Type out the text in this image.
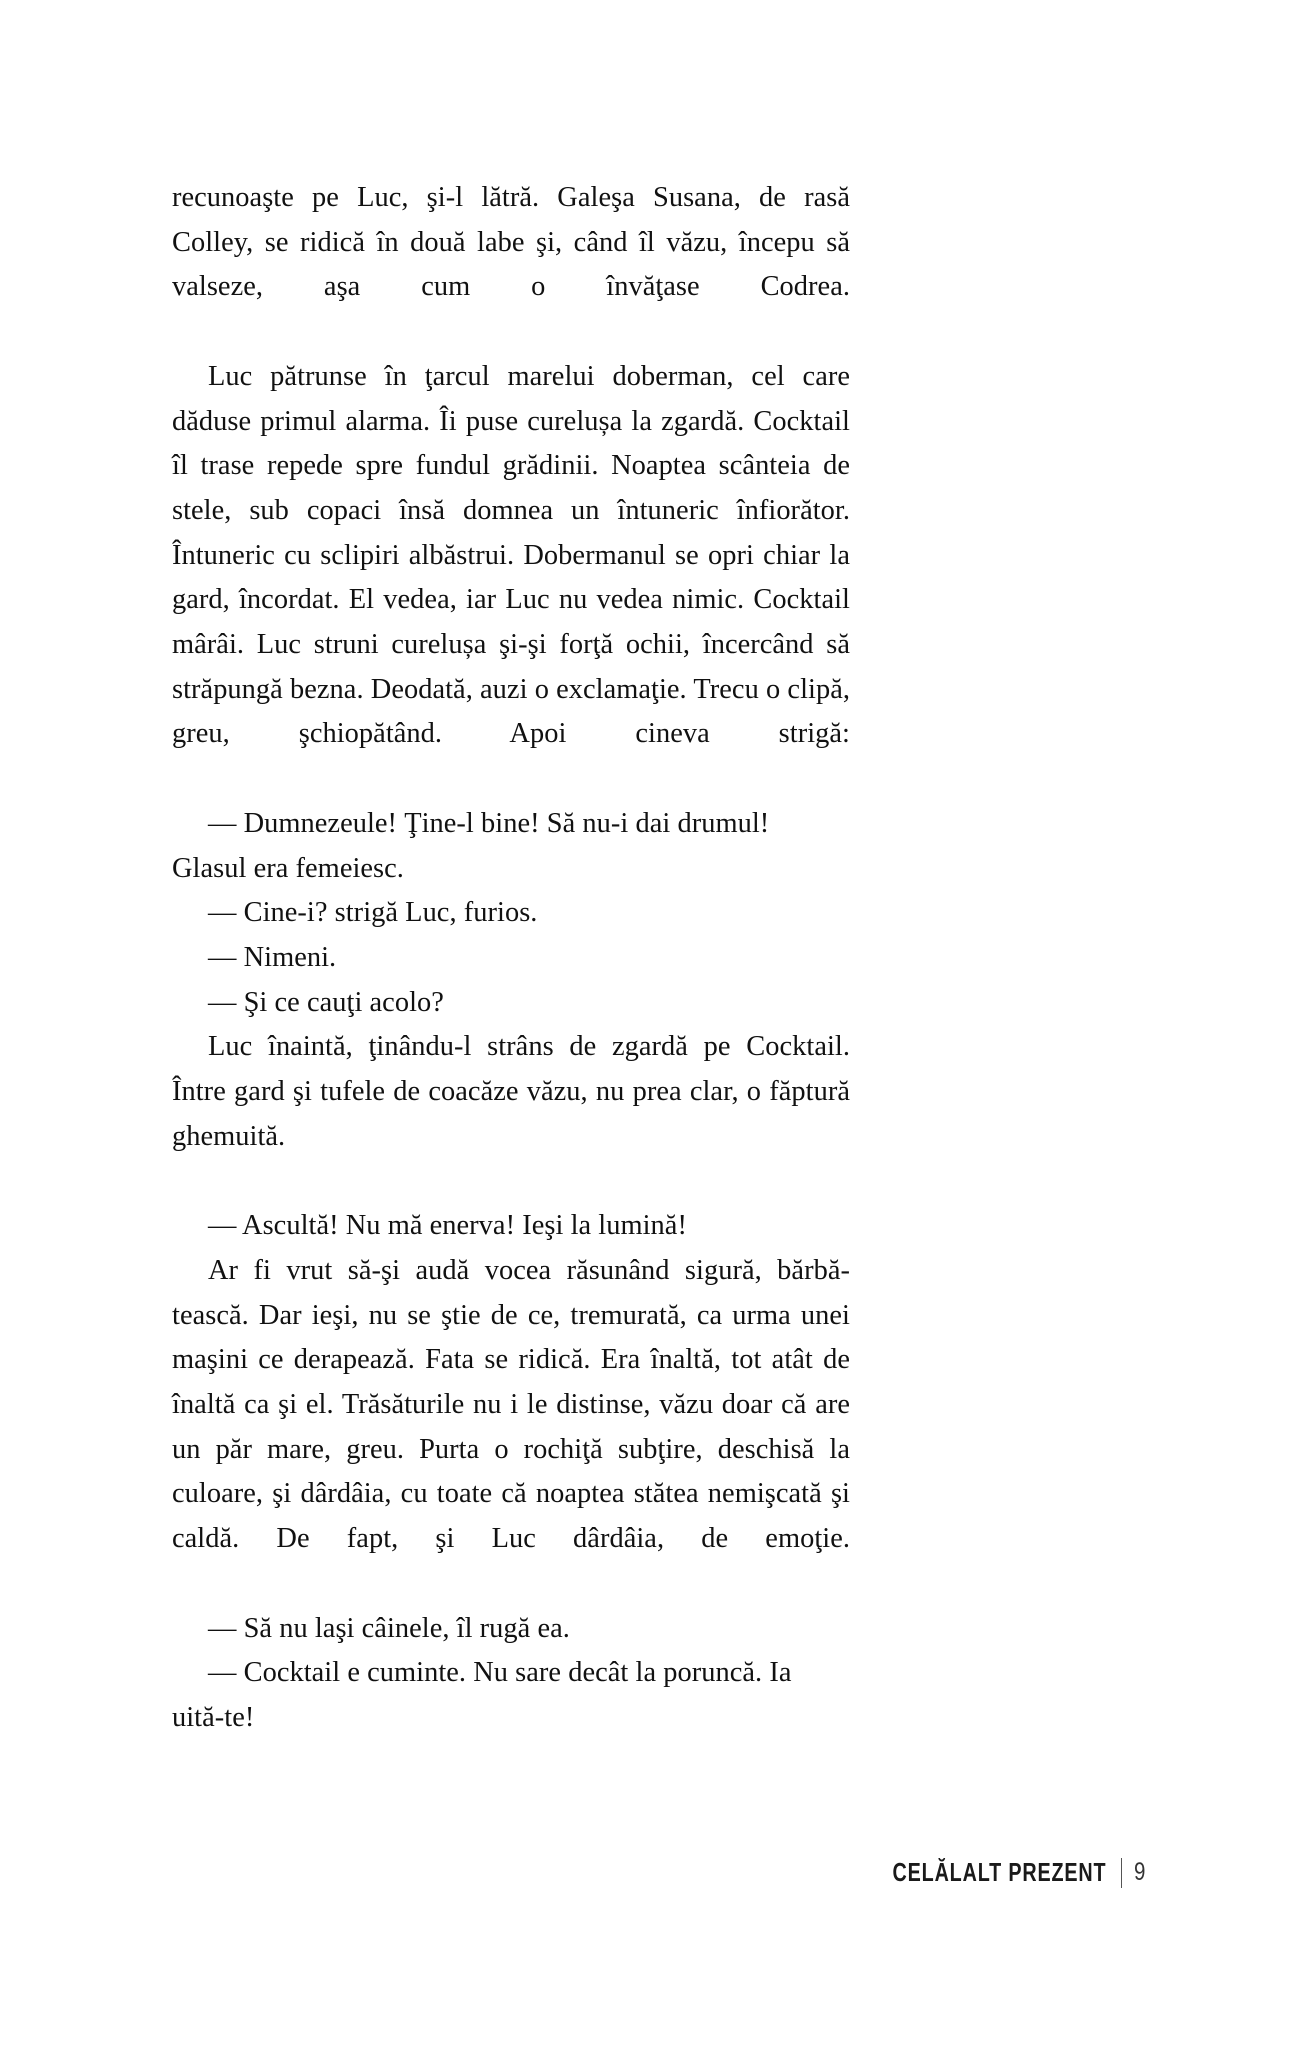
recunoaşte pe Luc, şi-l lătră. Galeşa Susana, de rasă Colley, se ridică în două labe şi, când îl văzu, începu să valseze, aşa cum o învăţase Codrea.

Luc pătrunse în ţarcul marelui doberman, cel care dăduse primul alarma. Îi puse curelușa la zgardă. Cocktail îl trase repede spre fundul grădinii. Noaptea scânteia de stele, sub copaci însă domnea un întuneric înfiorător. Întuneric cu sclipiri albăstrui. Dobermanul se opri chiar la gard, încordat. El vedea, iar Luc nu vedea nimic. Cocktail mârâi. Luc struni curelușa şi-şi forţă ochii, încercând să străpungă bezna. Deodată, auzi o exclamaţie. Trecu o clipă, greu, şchiopătând. Apoi cineva strigă:

— Dumnezeule! Ţine-l bine! Să nu-i dai drumul!

Glasul era femeiesc.

— Cine-i? strigă Luc, furios.

— Nimeni.

— Şi ce cauţi acolo?

Luc înaintă, ţinându-l strâns de zgardă pe Cocktail. Între gard şi tufele de coacăze văzu, nu prea clar, o făptură ghemuită.

— Ascultă! Nu mă enerva! Ieşi la lumină!

Ar fi vrut să-şi audă vocea răsunând sigură, bărbă-tească. Dar ieşi, nu se ştie de ce, tremurată, ca urma unei maşini ce derapează. Fata se ridică. Era înaltă, tot atât de înaltă ca şi el. Trăsăturile nu i le distinse, văzu doar că are un păr mare, greu. Purta o rochiţă subţire, deschisă la culoare, şi dârdâia, cu toate că noaptea stătea nemişcată şi caldă. De fapt, şi Luc dârdâia, de emoţie.

— Să nu laşi câinele, îl rugă ea.

— Cocktail e cuminte. Nu sare decât la poruncă. Ia uită-te!

CELĂLALT PREZENT 9
